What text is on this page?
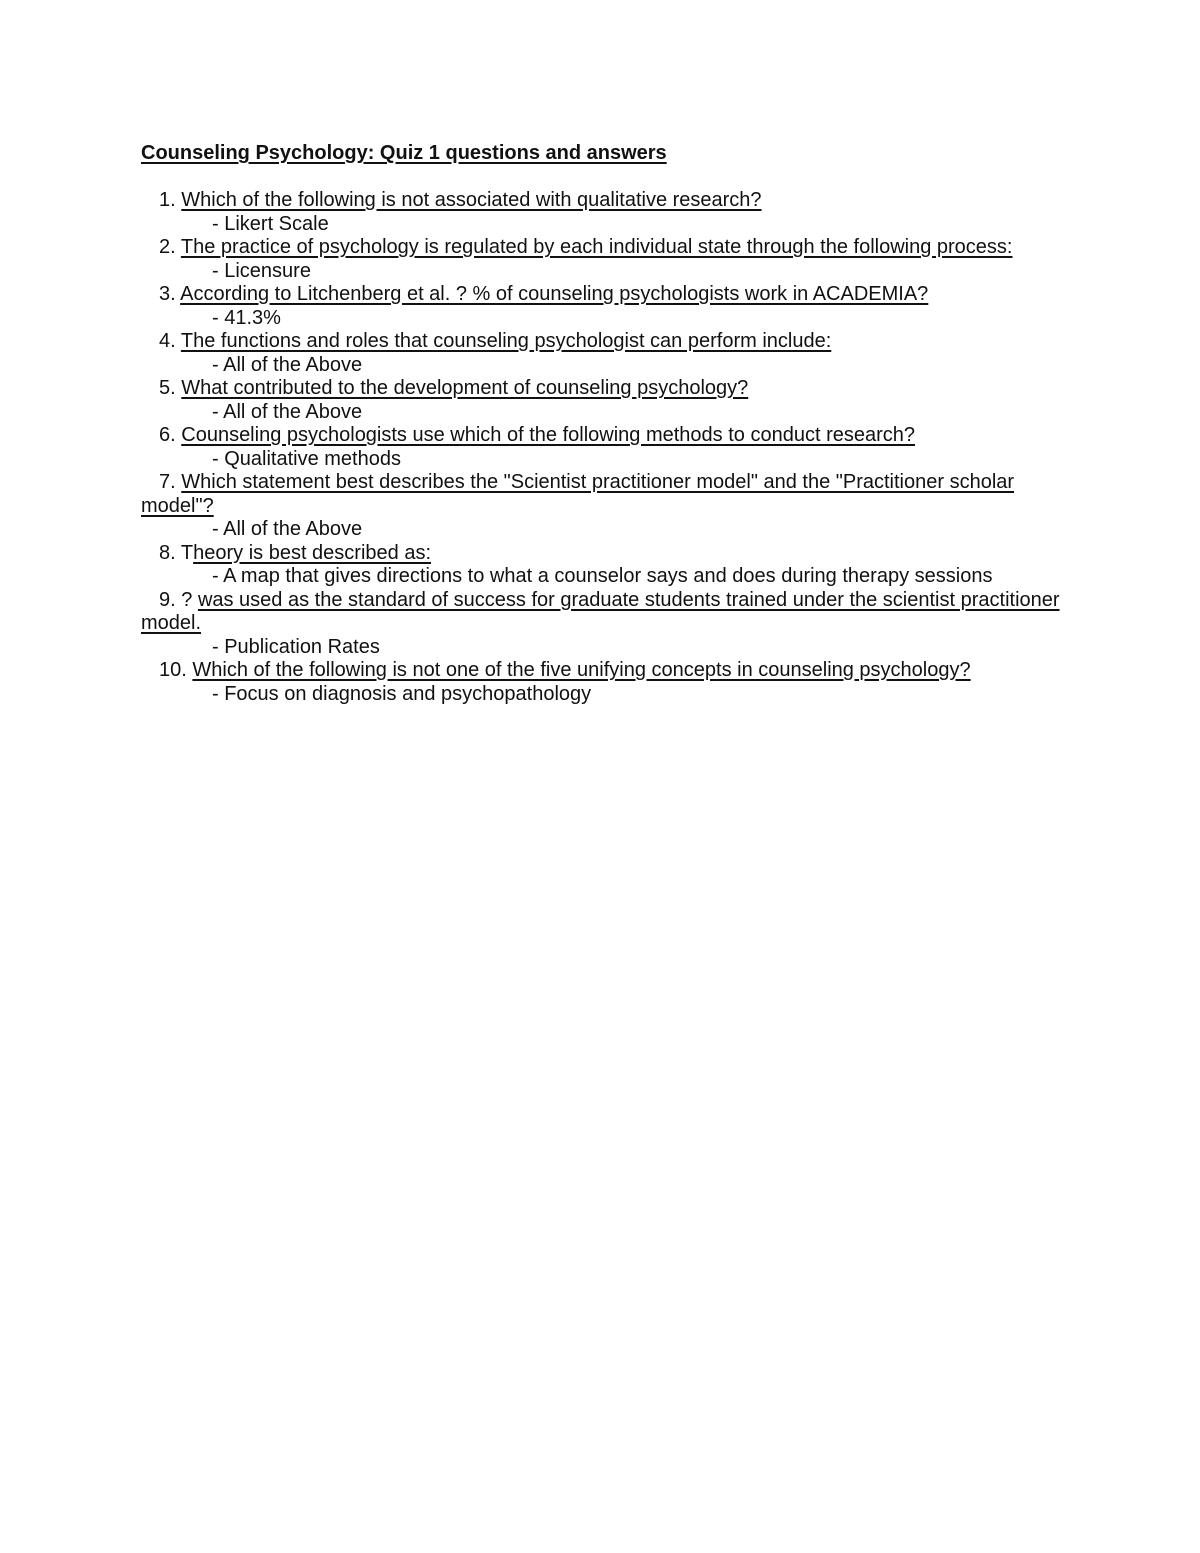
Counseling Psychology: Quiz 1 questions and answers

1. Which of the following is not associated with qualitative research?

- Likert Scale

2. The practice of psychology is regulated by each individual state through the following process:

- Licensure

3. According to Litchenberg et al. ? % of counseling psychologists work in ACADEMIA?

- 41.3%

4. The functions and roles that counseling psychologist can perform include:

- All of the Above

5. What contributed to the development of counseling psychology?

- All of the Above

6. Counseling psychologists use which of the following methods to conduct research?

- Qualitative methods

7. Which statement best describes the "Scientist practitioner model" and the "Practitioner scholar model"?

- All of the Above

8. Theory is best described as:

- A map that gives directions to what a counselor says and does during therapy sessions

9. ? was used as the standard of success for graduate students trained under the scientist practitioner model.

- Publication Rates

10. Which of the following is not one of the five unifying concepts in counseling psychology?

- Focus on diagnosis and psychopathology
